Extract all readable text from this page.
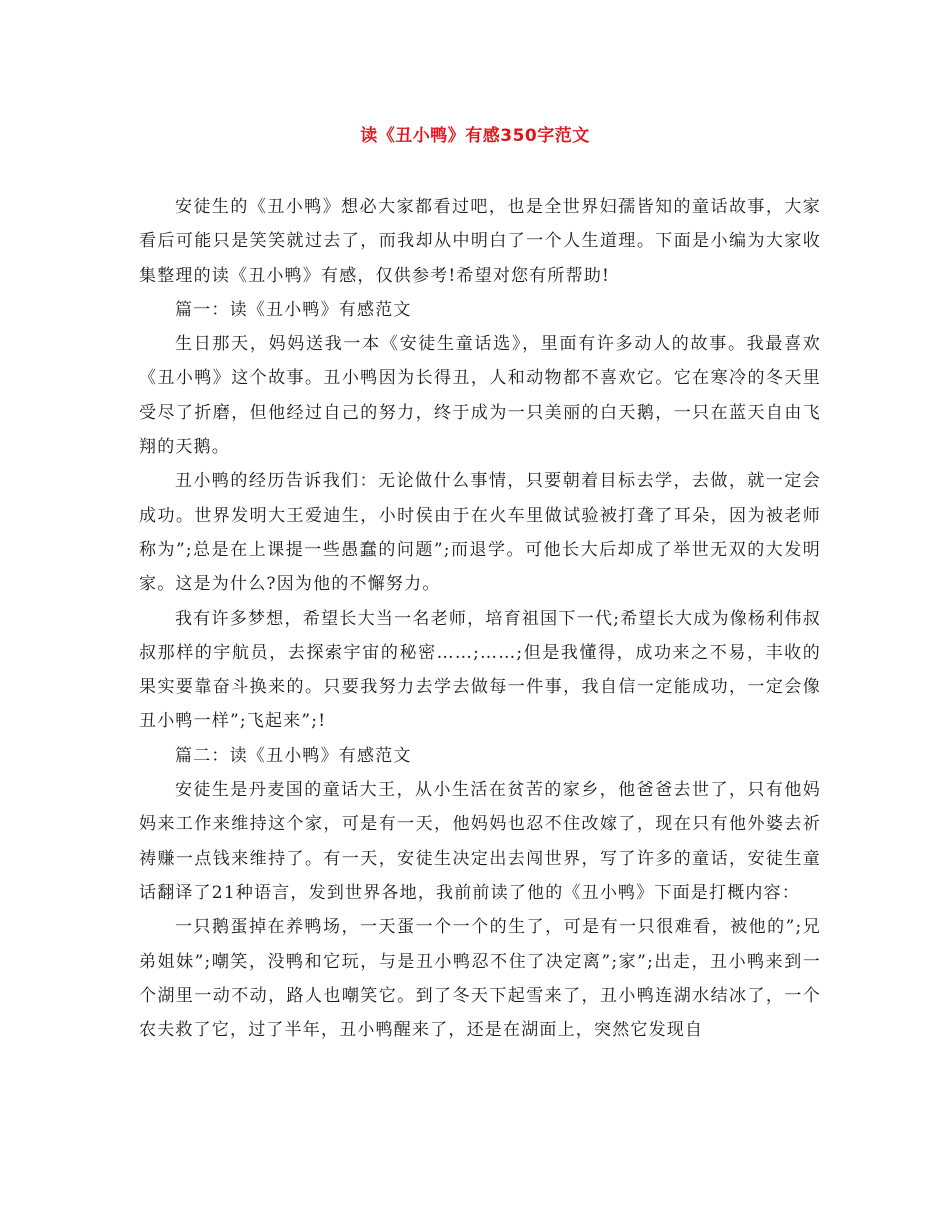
读《丑小鸭》有感350字范文

安徒生的《丑小鸭》想必大家都看过吧，也是全世界妇孺皆知的童话故事，大家看后可能只是笑笑就过去了，而我却从中明白了一个人生道理。下面是小编为大家收集整理的读《丑小鸭》有感，仅供参考!希望对您有所帮助!

篇一：读《丑小鸭》有感范文

生日那天，妈妈送我一本《安徒生童话选》，里面有许多动人的故事。我最喜欢《丑小鸭》这个故事。丑小鸭因为长得丑，人和动物都不喜欢它。它在寒冷的冬天里受尽了折磨，但他经过自己的努力，终于成为一只美丽的白天鹅，一只在蓝天自由飞翔的天鹅。

丑小鸭的经历告诉我们：无论做什么事情，只要朝着目标去学，去做，就一定会成功。世界发明大王爱迪生，小时侯由于在火车里做试验被打聋了耳朵，因为被老师称为”;总是在上课提一些愚蠢的问题”;而退学。可他长大后却成了举世无双的大发明家。这是为什么?因为他的不懈努力。

我有许多梦想，希望长大当一名老师，培育祖国下一代;希望长大成为像杨利伟叔叔那样的宇航员，去探索宇宙的秘密……;……;但是我懂得，成功来之不易，丰收的果实要靠奋斗换来的。只要我努力去学去做每一件事，我自信一定能成功，一定会像丑小鸭一样”;飞起来”;!

篇二：读《丑小鸭》有感范文

安徒生是丹麦国的童话大王，从小生活在贫苦的家乡，他爸爸去世了，只有他妈妈来工作来维持这个家，可是有一天，他妈妈也忍不住改嫁了，现在只有他外婆去祈祷赚一点钱来维持了。有一天，安徒生决定出去闯世界，写了许多的童话，安徒生童话翻译了21种语言，发到世界各地，我前前读了他的《丑小鸭》下面是打概内容：

一只鹅蛋掉在养鸭场，一天蛋一个一个的生了，可是有一只很难看，被他的”;兄弟姐妹”;嘲笑，没鸭和它玩，与是丑小鸭忍不住了决定离”;家”;出走，丑小鸭来到一个湖里一动不动，路人也嘲笑它。到了冬天下起雪来了，丑小鸭连湖水结冰了，一个农夫救了它，过了半年，丑小鸭醒来了，还是在湖面上，突然它发现自
